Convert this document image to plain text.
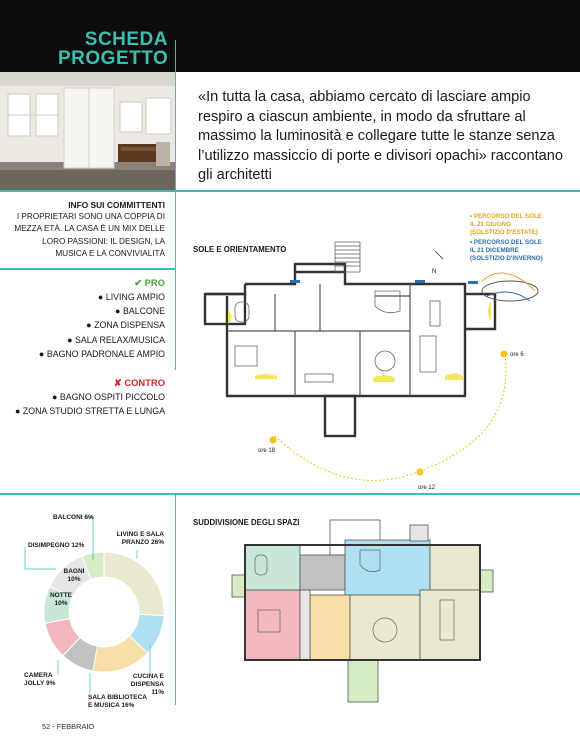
SCHEDA
PROGETTO
«In tutta la casa, abbiamo cercato di lasciare ampio respiro a ciascun ambiente, in modo da sfruttare al massimo la luminosità e collegare tutte le stanze senza l’utilizzo massiccio di porte e divisori opachi» raccontano gli architetti
INFO SUI COMMITTENTI
I PROPRIETARI SONO UNA COPPIA DI MEZZA ETÀ. LA CASA È UN MIX DELLE LORO PASSIONI: IL DESIGN, LA MUSICA E LA CONVIVIALITÀ
✔ PRO
● LIVING AMPIO
● BALCONE
● ZONA DISPENSA
● SALA RELAX/MUSICA
● BAGNO PADRONALE AMPIO
✘ CONTRO
● BAGNO OSPITI PICCOLO
● ZONA STUDIO STRETTA E LUNGA
SOLE E ORIENTAMENTO
• PERCORSO DEL SOLE
IL 21 GIUGNO
(SOLSTIZIO D'ESTATE)
• PERCORSO DEL SOLE
IL 21 DICEMBRE
(SOLSTIZIO D'INVERNO)
N
ore 6
ore 12
ore 18
SUDDIVISIONE DEGLI SPAZI
BALCONI 6%
LIVING E SALA PRANZO 26%
DISIMPEGNO 12%
BAGNI 10%
NOTTE 10%
CAMERA JOLLY 9%
SALA BIBLIOTECA E MUSICA 16%
CUCINA E DISPENSA 11%
52 - FEBBRAIO
